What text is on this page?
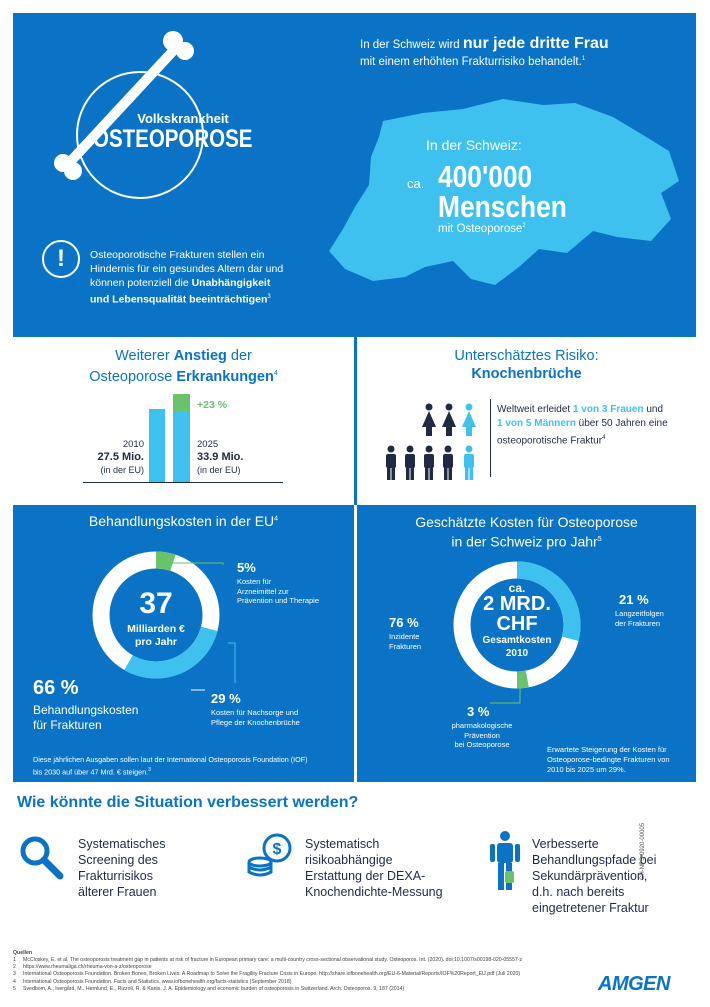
Volkskrankheit
OSTEOPOROSE
In der Schweiz wird nur jede dritte Frau
mit einem erhöhten Frakturrisiko behandelt.$^1$
In der Schweiz:
ca. 400'000
Menschen
mit Osteoporose$^2$
!	Osteoporotische Frakturen stellen ein
Hindernis für ein gesundes Altern dar und
können potenziell die Unabhängigkeit
und Lebensqualität beeinträchtigen$^3$
Weiterer Anstieg der
Osteoporose Erkrankungen$^4$
+23 %
2010
27.5 Mio.
(in der EU)
2025
33.9 Mio.
(in der EU)
Unterschätztes Risiko:
Knochenbrüche
Weltweit erleidet 1 von 3 Frauen und
1 von 5 Männern über 50 Jahren eine
osteoporotische Fraktur$^4$
Behandlungskosten in der $EU^4$
37
Milliarden €
pro Jahr
5%
Kosten für
Arzneimittel zur
Prävention und Therapie
66 %
Behandlungskosten
für Frakturen
29 %
Kosten für Nachsorge und
Pflege der Knochenbrüche
Diese jährlichen Ausgaben sollen laut der International Osteoporosis Foundation (IOF)
bis 2030 auf über 47 Mrd. € steigen.$^3$
Geschätzte Kosten für Osteoporose
in der Schweiz pro Jahr$^5$
ca.
2 MRD.
CHF
Gesamtkosten
2010
76 %
Inzidente
Frakturen
21 %
Langzeitfolgen
der Frakturen
3 %
pharmakologische
Prävention
bei Osteoporose
Erwartete Steigerung der Kosten für
Osteoporose-bedingte Frakturen von
2010 bis 2025 um 29%.
Wie könnte die Situation verbessert werden?
Systematisches
Screening des
Frakturrisikos
älterer Frauen
$ Systematisch
risikoabhängige
Erstattung der DEXA-
Knochendichte-Messung
Verbesserte
Behandlungspfade bei
Sekundärprävention,
d.h. nach bereits
eingetretener Fraktur
CH-NPS-0920-00005
Quellen
1 McCloskey, E. et al. The osteoporosis treatment gap in patients at risk of fracture in European primary care: a multi-country cross-sectional observational study. Osteoporos. Int. (2020). doi:10.1007/s00198-020-05557-z
2 https://www.rheumaliga.ch/rheuma-von-a-z/osteoporose
3 International Osteoporosis Foundation. Broken Bones, Broken Lives: A Roadmap to Solve the Fragility Fracture Crisis in Europe. http://share.iofbonehealth.org/EU-6-Material/Reports/IOF%20Report_EU.pdf (Juli 2020)
4 International Osteoporosis Foundation. Facts and Statistics. www.iofbonehealth.org/facts-statistics (September 2018)
5 Svedbom, A., Ivergård, M., Hernlund, E., Rizzoli, R. & Kanis, J. A. Epidemiology and economic burden of osteoporosis in Switzerland. Arch. Osteoporos. 9, 187 (2014)	AMGEN
